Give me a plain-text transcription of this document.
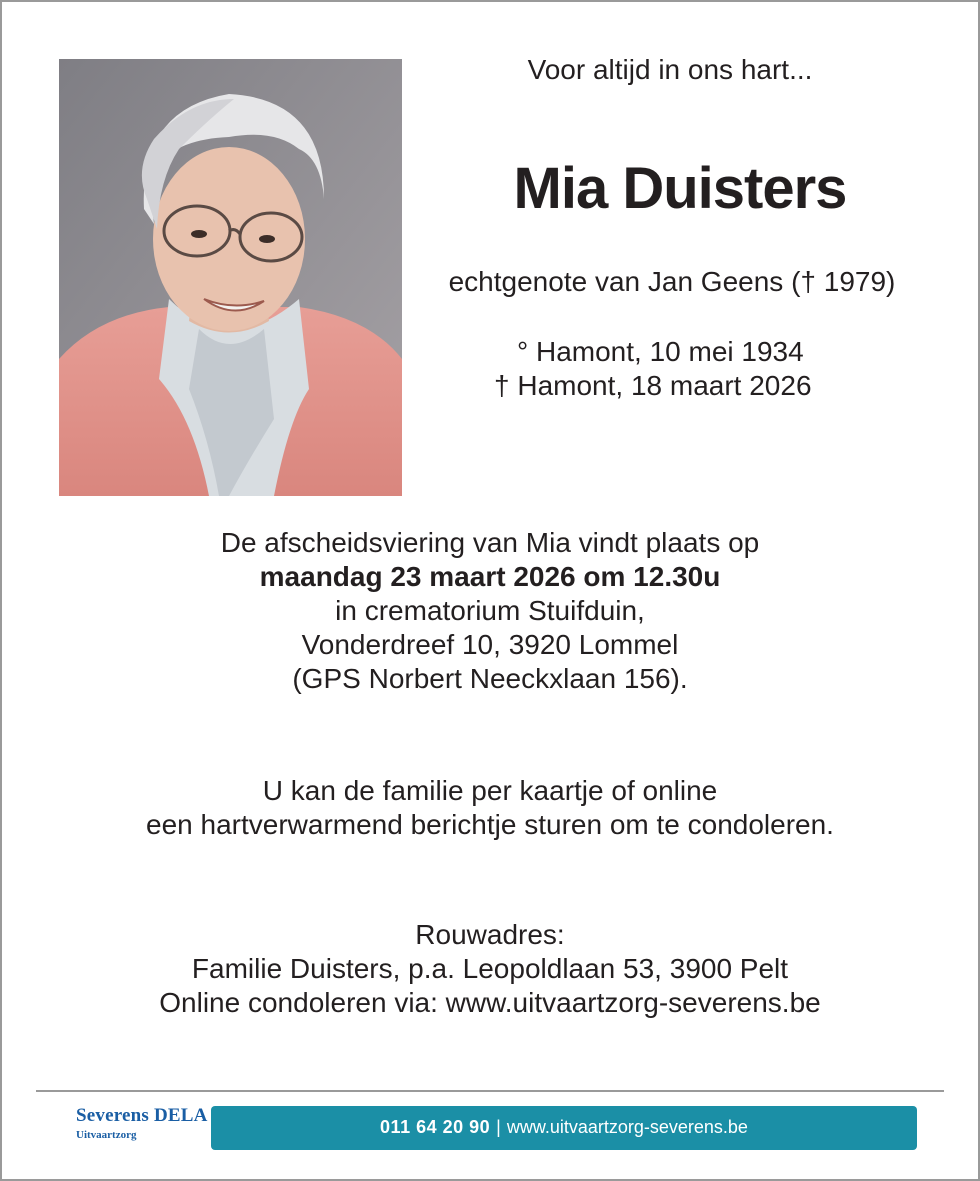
Voor altijd in ons hart...
Mia Duisters
echtgenote van Jan Geens († 1979)
° Hamont, 10 mei 1934
† Hamont, 18 maart 2026
De afscheidsviering van Mia vindt plaats op
maandag 23 maart 2026 om 12.30u
in crematorium Stuifduin,
Vonderdreef 10, 3920 Lommel
(GPS Norbert Neeckxlaan 156).
U kan de familie per kaartje of online
een hartverwarmend berichtje sturen om te condoleren.
Rouwadres:
Familie Duisters, p.a. Leopoldlaan 53, 3900 Pelt
Online condoleren via: www.uitvaartzorg-severens.be
Severens DELA
Uitvaartzorg	011 64 20 90 | www.uitvaartzorg-severens.be
